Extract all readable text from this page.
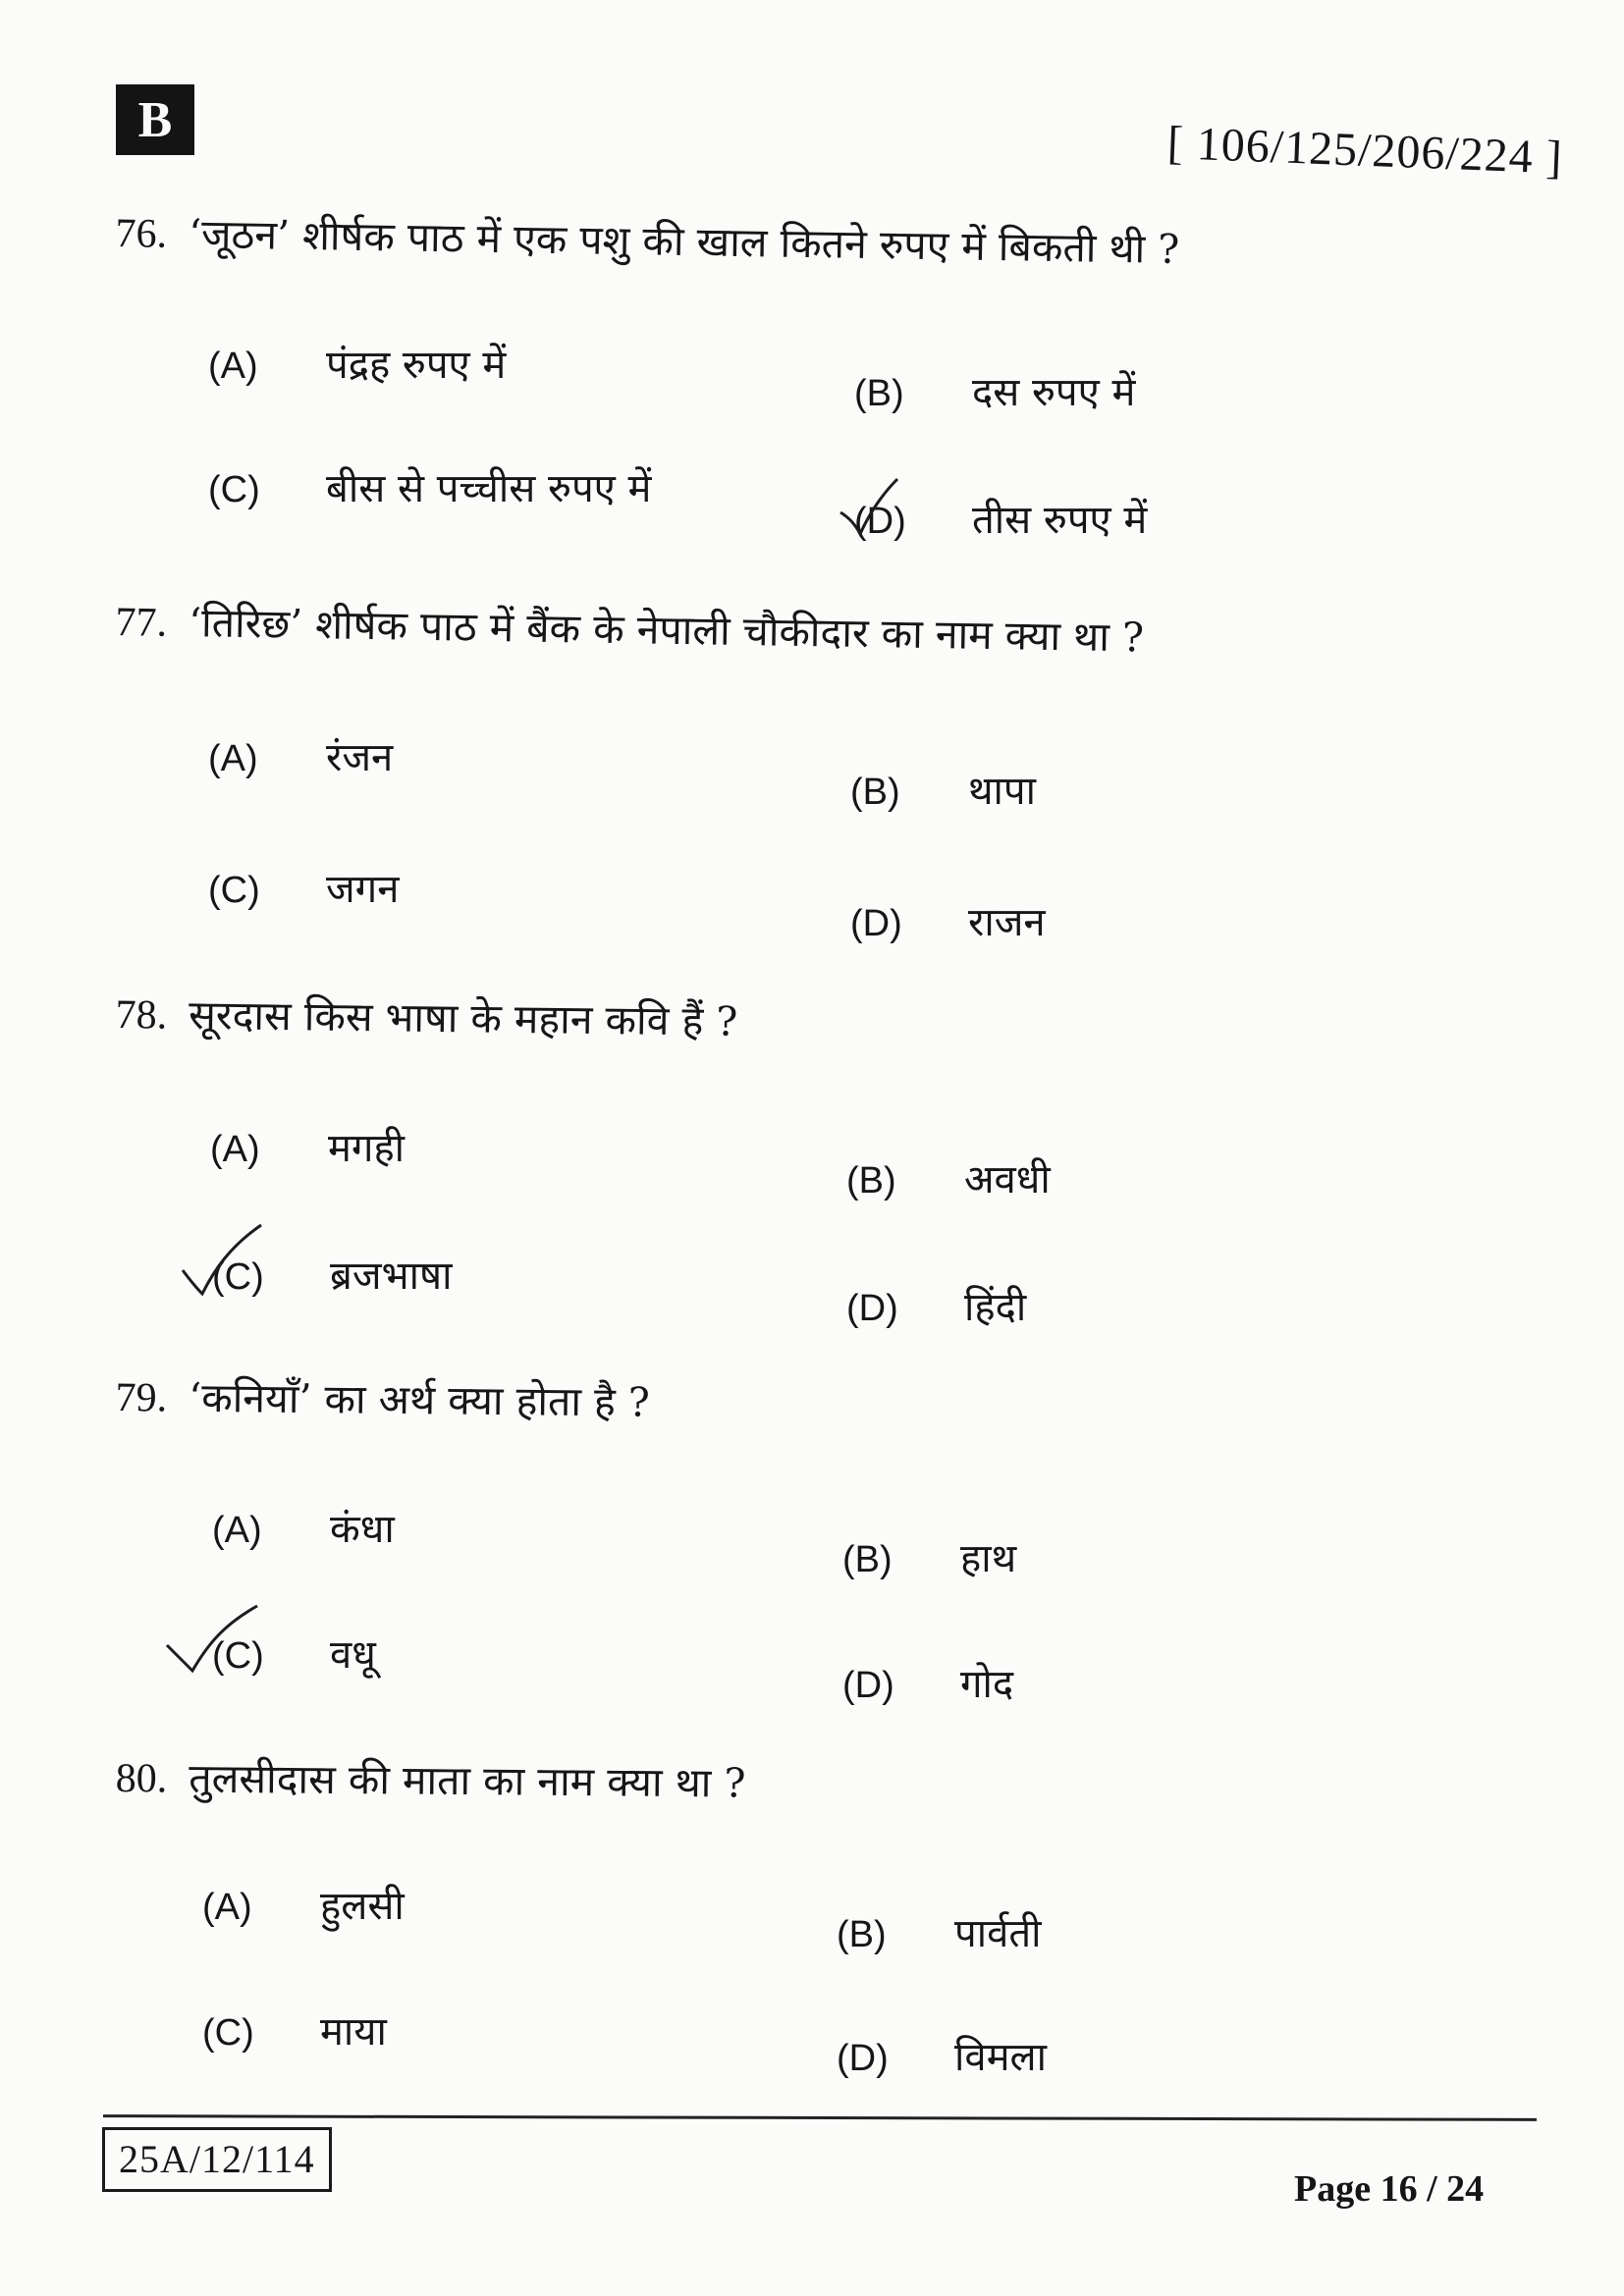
B	[ 106/125/206/224 ]
76. ‘जूठन’ शीर्षक पाठ में एक पशु की खाल कितने रुपए में बिकती थी ?
(A) पंद्रह रुपए में
(B) दस रुपए में
(C) बीस से पच्चीस रुपए में
(D) तीस रुपए में
77. ‘तिरिछ’ शीर्षक पाठ में बैंक के नेपाली चौकीदार का नाम क्या था ?
(A) रंजन
(B) थापा
(C) जगन
(D) राजन
78. सूरदास किस भाषा के महान कवि हैं ?
(A) मगही
(B) अवधी
(C) ब्रजभाषा
(D) हिंदी
79. ‘कनियाँ’ का अर्थ क्या होता है ?
(A) कंधा
(B) हाथ
(C) वधू
(D) गोद
80. तुलसीदास की माता का नाम क्या था ?
(A) हुलसी
(B) पार्वती
(C) माया
(D) विमला
25A/12/114
Page 16 / 24
